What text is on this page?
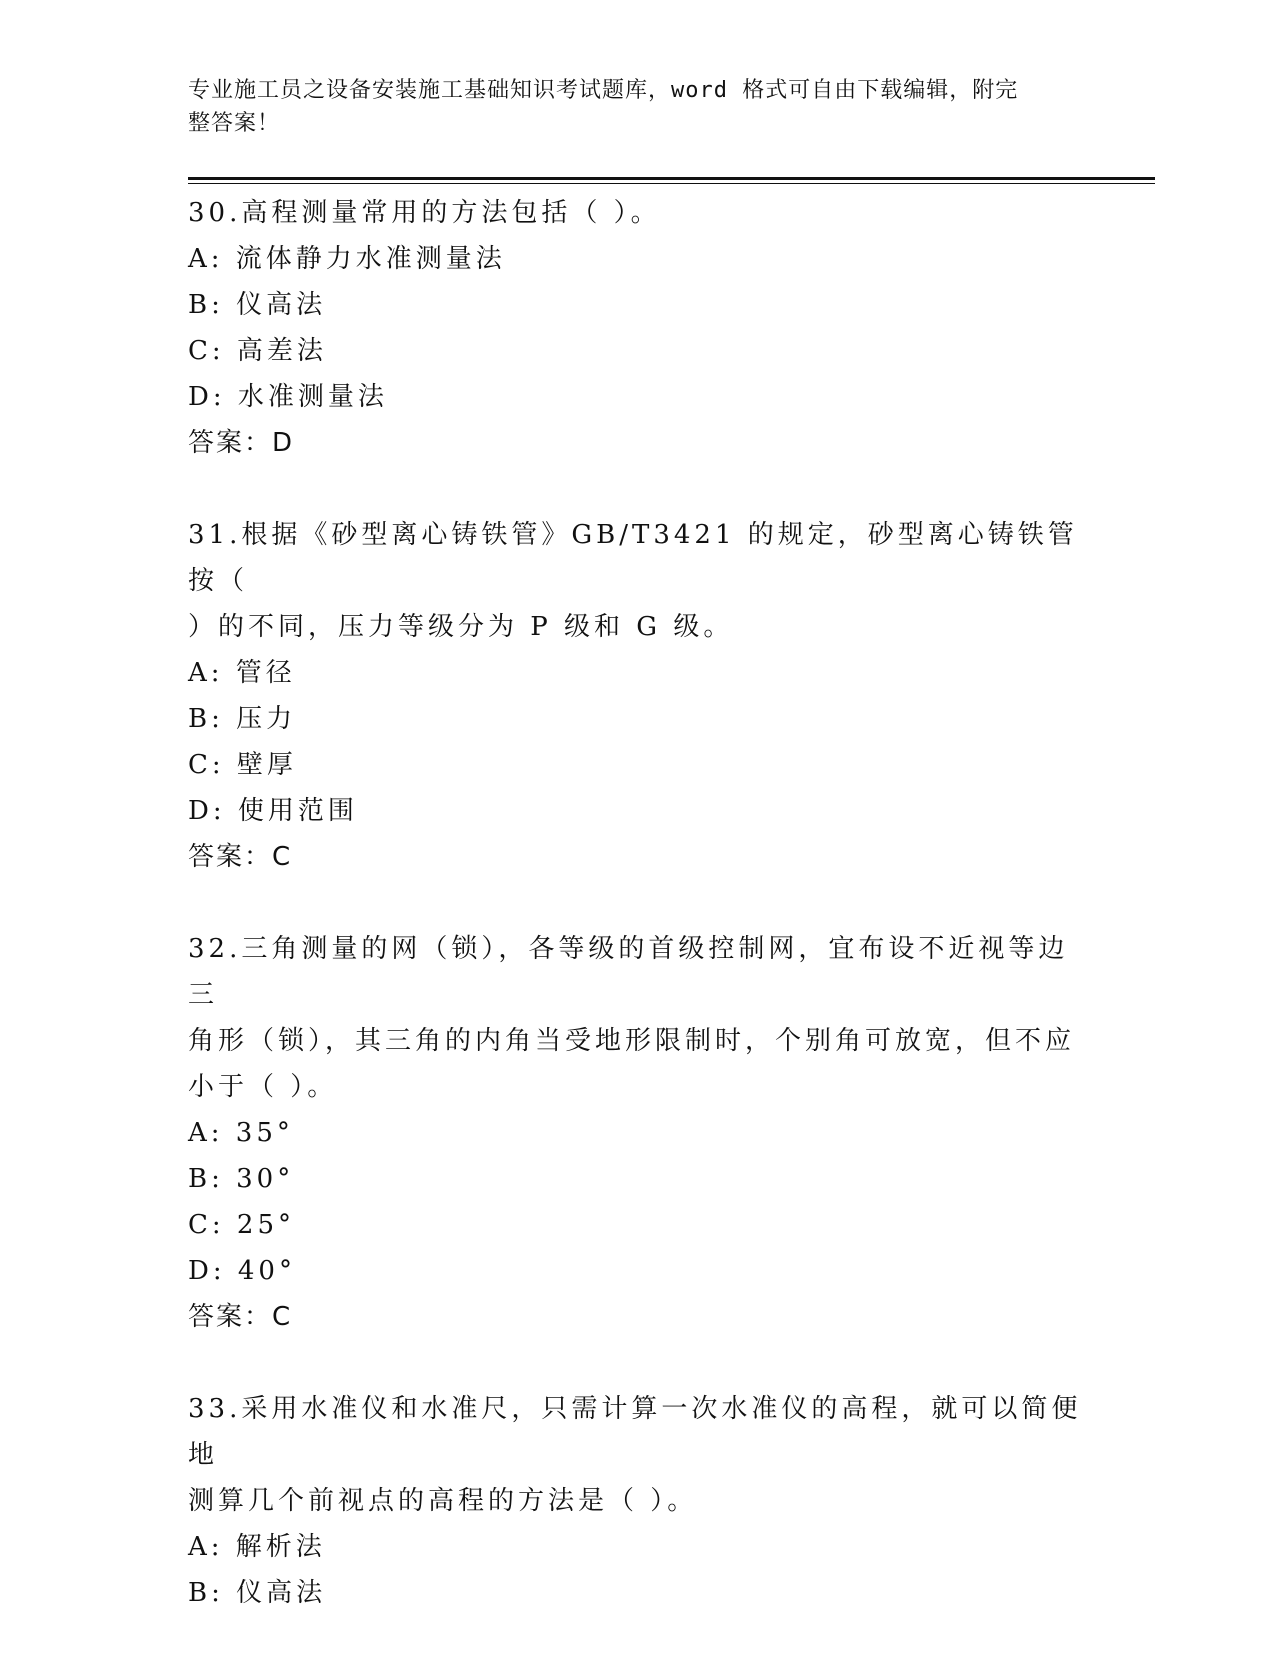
专业施工员之设备安装施工基础知识考试题库，word 格式可自由下载编辑，附完
整答案！
30.高程测量常用的方法包括（ ）。
A: 流体静力水准测量法
B: 仪高法
C: 高差法
D: 水准测量法
答案：D
31.根据《砂型离心铸铁管》GB/T3421 的规定，砂型离心铸铁管按（
）的不同，压力等级分为 P 级和 G 级。
A: 管径
B: 压力
C: 壁厚
D: 使用范围
答案：C
32.三角测量的网（锁），各等级的首级控制网，宜布设不近视等边三
角形（锁），其三角的内角当受地形限制时，个别角可放宽，但不应
小于（ ）。
A: 35°
B: 30°
C: 25°
D: 40°
答案：C
33.采用水准仪和水准尺，只需计算一次水准仪的高程，就可以简便地
测算几个前视点的高程的方法是（ ）。
A: 解析法
B: 仪高法
